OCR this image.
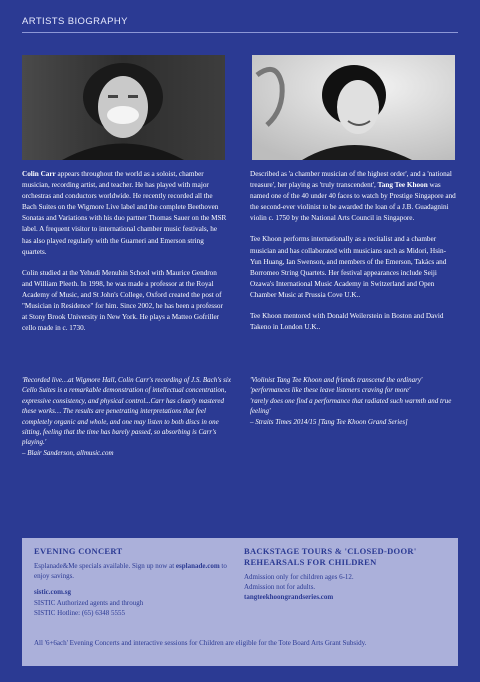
ARTISTS BIOGRAPHY

Colin Carr appears throughout the world as a soloist, chamber musician, recording artist, and teacher. He has played with major orchestras and conductors worldwide. He recently recorded all the Bach Suites on the Wigmore Live label and the complete Beethoven Sonatas and Variations with his duo partner Thomas Sauer on the MSR label. A frequent visitor to international chamber music festivals, he has also played regularly with the Guarneri and Emerson string quartets.

Colin studied at the Yehudi Menuhin School with Maurice Gendron and William Pleeth. In 1998, he was made a professor at the Royal Academy of Music, and St John's College, Oxford created the post of "Musician in Residence" for him. Since 2002, he has been a professor at Stony Brook University in New York. He plays a Matteo Gofriller cello made in c. 1730.

'Recorded live…at Wigmore Hall, Colin Carr's recording of J.S. Bach's six Cello Suites is a remarkable demonstration of intellectual concentration, expressive consistency, and physical control...Carr has clearly mastered these works… The results are penetrating interpretations that feel completely organic and whole, and one may listen to both discs in one sitting, feeling that the time has barely passed, so absorbing is Carr's playing.'
– Blair Sanderson, allmusic.com

Described as 'a chamber musician of the highest order', and a 'national treasure', her playing as 'truly transcendent', Tang Tee Khoon was named one of the 40 under 40 faces to watch by Prestige Singapore and the second-ever violinist to be awarded the loan of a J.B. Guadagnini violin c. 1750 by the National Arts Council in Singapore.

Tee Khoon performs internationally as a recitalist and a chamber musician and has collaborated with musicians such as Midori, Hsin-Yun Huang, Ian Swenson, and members of the Emerson, Takács and Borromeo String Quartets. Her festival appearances include Seiji Ozawa's International Music Academy in Switzerland and Open Chamber Music at Prussia Cove U.K..

Tee Khoon mentored with Donald Weilerstein in Boston and David Takeno in London U.K..

'Violinist Tang Tee Khoon and friends transcend the ordinary'
'performances like these leave listeners craving for more'
'rarely does one find a performance that radiated such warmth and true feeling'
– Straits Times 2014/15 [Tang Tee Khoon Grand Series]
EVENING CONCERT

Esplanade&Me specials available. Sign up now at esplanade.com to enjoy savings.

sistic.com.sg
SISTIC Authorized agents and through
SISTIC Hotline: (65) 6348 5555
BACKSTAGE TOURS & 'CLOSED-DOOR' REHEARSALS FOR CHILDREN
Admission only for children ages 6-12.
Admission not for adults.
tangteekhoongrandseries.com
All '6+6ach' Evening Concerts and interactive sessions for Children are eligible for the Tote Board Arts Grant Subsidy.
